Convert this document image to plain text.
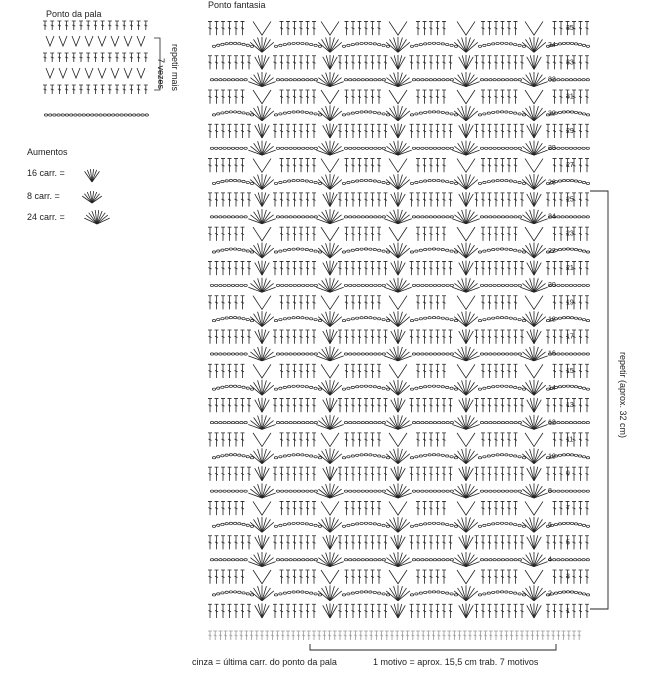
Ponto da pala
Ponto fantasia
Aumentos
16 carr. =
8 carr. =
24 carr. =
repetir mais
7 vezes
repetir (aprox. 32 cm)
cinza = última carr. do ponto da pala	1 motivo = aprox. 15,5 cm trab. 7 motivos
1
2
3
4
5
6
7
8
9
10
11
12
13
14
15
16
17
18
19
20
21
22
23
24
25
26
27
28
29
30
31
32
33
34
35
